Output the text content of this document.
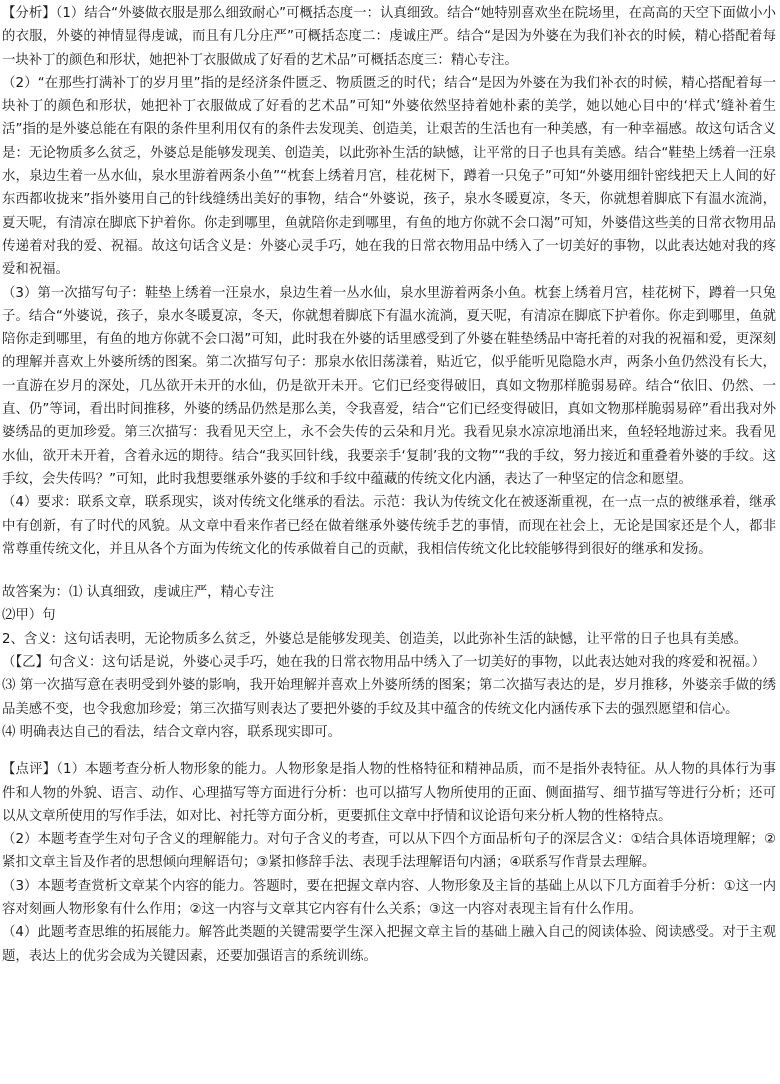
【分析】（1）结合“外婆做衣服是那么细致耐心”可概括态度一：认真细致。结合“她特别喜欢坐在院场里，在高高的天空下面做小小的衣服，外婆的神情显得虔诚，而且有几分庄严”可概括态度二：虔诚庄严。结合“是因为外婆在为我们补衣的时候，精心搭配着每一块补丁的颜色和形状，她把补丁衣服做成了好看的艺术品”可概括态度三：精心专注。

（2）“在那些打满补丁的岁月里”指的是经济条件匮乏、物质匮乏的时代；结合“是因为外婆在为我们补衣的时候，精心搭配着每一块补丁的颜色和形状，她把补丁衣服做成了好看的艺术品”可知“外婆依然坚持着她朴素的美学，她以她心目中的‘样式’缝补着生活”指的是外婆总能在有限的条件里利用仅有的条件去发现美、创造美，让艰苦的生活也有一种美感，有一种幸福感。故这句话含义是：无论物质多么贫乏，外婆总是能够发现美、创造美，以此弥补生活的缺憾，让平常的日子也具有美感。结合“鞋垫上绣着一汪泉水，泉边生着一丛水仙，泉水里游着两条小鱼”“枕套上绣着月宫，桂花树下，蹲着一只兔子”可知“外婆用细针密线把天上人间的好东西都收拢来”指外婆用自己的针线缝绣出美好的事物，结合“外婆说，孩子，泉水冬暖夏凉，冬天，你就想着脚底下有温水流淌，夏天呢，有清凉在脚底下护着你。你走到哪里，鱼就陪你走到哪里，有鱼的地方你就不会口渴”可知，外婆借这些美的日常衣物用品传递着对我的爱、祝福。故这句话含义是：外婆心灵手巧，她在我的日常衣物用品中绣入了一切美好的事物，以此表达她对我的疼爱和祝福。

（3）第一次描写句子：鞋垫上绣着一汪泉水，泉边生着一丛水仙，泉水里游着两条小鱼。枕套上绣着月宫，桂花树下，蹲着一只兔子。结合“外婆说，孩子，泉水冬暖夏凉，冬天，你就想着脚底下有温水流淌，夏天呢，有清凉在脚底下护着你。你走到哪里，鱼就陪你走到哪里，有鱼的地方你就不会口渴”可知，此时我在外婆的话里感受到了外婆在鞋垫绣品中寄托着的对我的祝福和爱，更深刻的理解并喜欢上外婆所绣的图案。第二次描写句子：那泉水依旧荡漾着，贴近它，似乎能听见隐隐水声，两条小鱼仍然没有长大，一直游在岁月的深处，几丛欲开未开的水仙，仍是欲开未开。它们已经变得破旧，真如文物那样脆弱易碎。结合“依旧、仍然、一直、仍”等词，看出时间推移，外婆的绣品仍然是那么美，令我喜爱，结合“它们已经变得破旧，真如文物那样脆弱易碎”看出我对外婆绣品的更加珍爱。第三次描写：我看见天空上，永不会失传的云朵和月光。我看见泉水凉凉地涌出来，鱼轻轻地游过来。我看见水仙，欲开未开着，含着永远的期待。结合“我买回针线，我要亲手‘复制’我的文物”“我的手纹，努力接近和重叠着外婆的手纹。这手纹，会失传吗？”可知，此时我想要继承外婆的手纹和手纹中蕴藏的传统文化内涵，表达了一种坚定的信念和愿望。

（4）要求：联系文章，联系现实，谈对传统文化继承的看法。示范：我认为传统文化在被逐渐重视，在一点一点的被继承着，继承中有创新，有了时代的风貌。从文章中看来作者已经在做着继承外婆传统手艺的事情，而现在社会上，无论是国家还是个人，都非常尊重传统文化，并且从各个方面为传统文化的传承做着自己的贡献，我相信传统文化比较能够得到很好的继承和发扬。

故答案为：⑴ 认真细致，虔诚庄严，精心专注

⑵甲）句

2、含义：这句话表明，无论物质多么贫乏，外婆总是能够发现美、创造美，以此弥补生活的缺憾，让平常的日子也具有美感。

（【乙】句含义：这句话是说，外婆心灵手巧，她在我的日常衣物用品中绣入了一切美好的事物，以此表达她对我的疼爱和祝福。）

⑶ 第一次描写意在表明受到外婆的影响，我开始理解并喜欢上外婆所绣的图案；第二次描写表达的是，岁月推移，外婆亲手做的绣品美感不变，也令我愈加珍爱；第三次描写则表达了要把外婆的手纹及其中蕴含的传统文化内涵传承下去的强烈愿望和信心。

⑷ 明确表达自己的看法，结合文章内容，联系现实即可。

【点评】（1）本题考查分析人物形象的能力。人物形象是指人物的性格特征和精神品质，而不是指外表特征。从人物的具体行为事件和人物的外貌、语言、动作、心理描写等方面进行分析：也可以描写人物所使用的正面、侧面描写、细节描写等进行分析；还可以从文章所使用的写作手法，如对比、衬托等方面分析，更要抓住文章中抒情和议论语句来分析人物的性格特点。

（2）本题考查学生对句子含义的理解能力。对句子含义的考查，可以从下四个方面品析句子的深层含义：①结合具体语境理解；②紧扣文章主旨及作者的思想倾向理解语句；③紧扣修辞手法、表现手法理解语句内涵；④联系写作背景去理解。

（3）本题考查赏析文章某个内容的能力。答题时，要在把握文章内容、人物形象及主旨的基础上从以下几方面着手分析：①这一内容对刻画人物形象有什么作用；②这一内容与文章其它内容有什么关系；③这一内容对表现主旨有什么作用。

（4）此题考查思维的拓展能力。解答此类题的关键需要学生深入把握文章主旨的基础上融入自己的阅读体验、阅读感受。对于主观题，表达上的优劣会成为关键因素，还要加强语言的系统训练。
